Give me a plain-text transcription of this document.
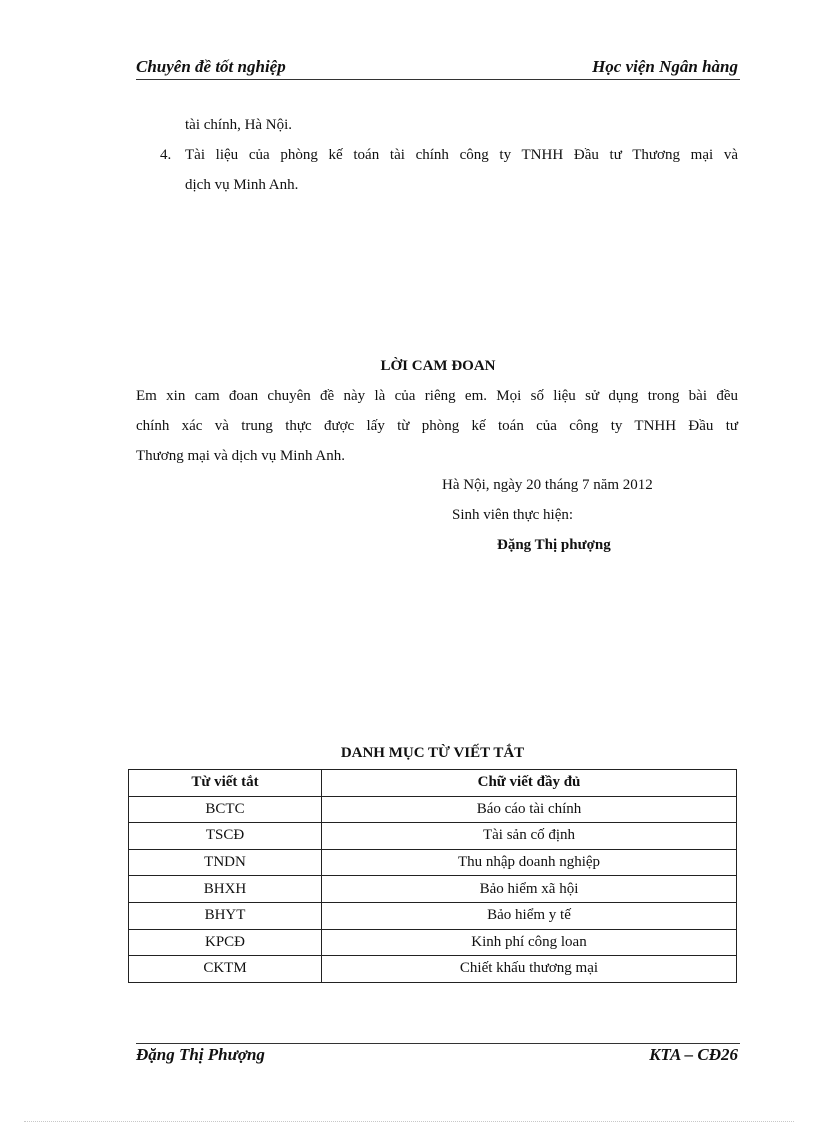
Chuyên đề tốt nghiệp	Học viện Ngân hàng
tài chính, Hà Nội.
4. Tài liệu của phòng kế toán tài chính công ty TNHH Đầu tư Thương mại và
dịch vụ Minh Anh.
LỜI CAM ĐOAN
Em xin cam đoan chuyên đề này là của riêng em. Mọi số liệu sử dụng trong bài đều
chính xác và trung thực được lấy từ phòng kế toán của công ty TNHH Đầu tư
Thương mại và dịch vụ Minh Anh.
Hà Nội, ngày 20 tháng 7 năm 2012
Sinh viên thực hiện:
Đặng Thị phượng
DANH MỤC TỪ VIẾT TẮT
Từ viết tắt	Chữ viết đầy đủ
BCTC	Báo cáo tài chính
TSCĐ	Tài sản cố định
TNDN	Thu nhập doanh nghiệp
BHXH	Bảo hiểm xã hội
BHYT	Bảo hiểm y tế
KPCĐ	Kinh phí công loan
CKTM	Chiết khấu thương mại
Đặng Thị Phượng	KTA – CĐ26
